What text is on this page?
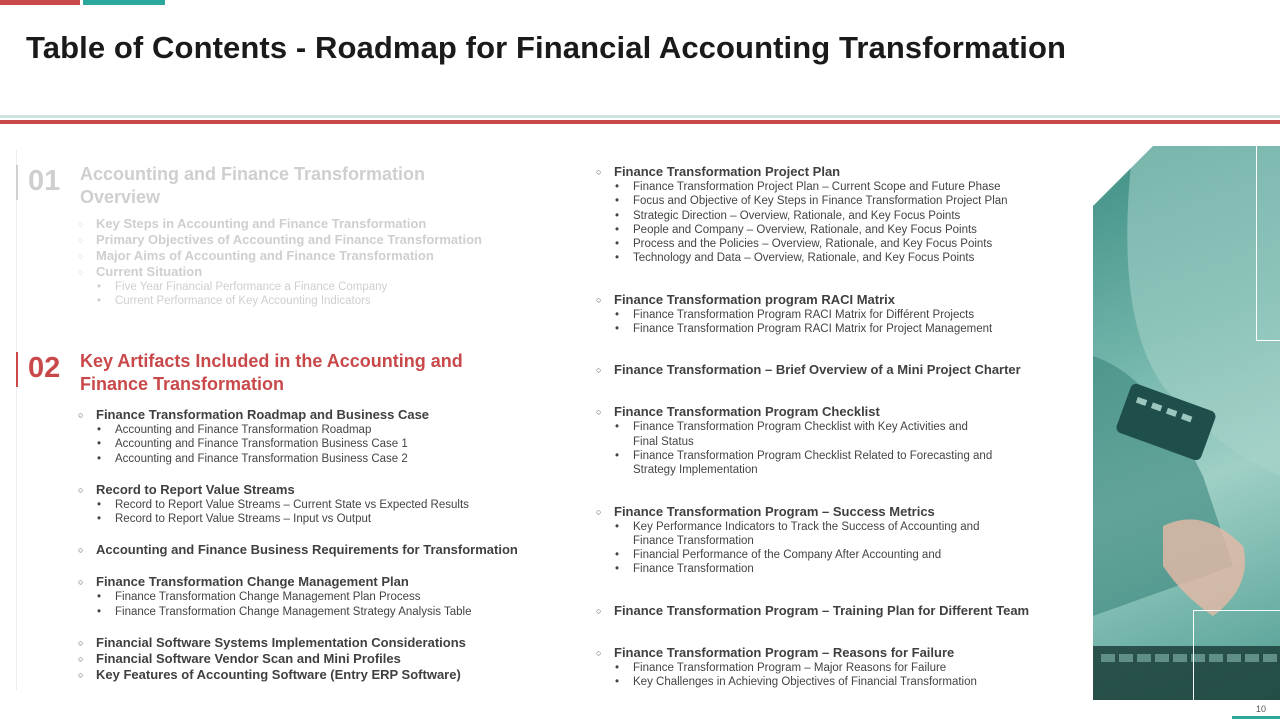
Table of Contents - Roadmap for Financial Accounting Transformation
01	Accounting and Finance Transformation Overview
○ Key Steps in Accounting and Finance Transformation
○ Primary Objectives of Accounting and Finance Transformation
○ Major Aims of Accounting and Finance Transformation
○ Current Situation
• Five Year Financial Performance a Finance Company
• Current Performance of Key Accounting Indicators
02	Key Artifacts Included in the Accounting and Finance Transformation
○ Finance Transformation Roadmap and Business Case
• Accounting and Finance Transformation Roadmap
• Accounting and Finance Transformation Business Case 1
• Accounting and Finance Transformation Business Case 2
○ Record to Report Value Streams
• Record to Report Value Streams – Current State vs Expected Results
• Record to Report Value Streams – Input vs Output
○ Accounting and Finance Business Requirements for Transformation
○ Finance Transformation Change Management Plan
• Finance Transformation Change Management Plan Process
• Finance Transformation Change Management Strategy Analysis Table
○ Financial Software Systems Implementation Considerations
○ Financial Software Vendor Scan and Mini Profiles
○ Key Features of Accounting Software (Entry ERP Software)
○ Finance Transformation Project Plan
• Finance Transformation Project Plan – Current Scope and Future Phase
• Focus and Objective of Key Steps in Finance Transformation Project Plan
• Strategic Direction – Overview, Rationale, and Key Focus Points
• People and Company – Overview, Rationale, and Key Focus Points
• Process and the Policies – Overview, Rationale, and Key Focus Points
• Technology and Data – Overview, Rationale, and Key Focus Points
○ Finance Transformation program RACI Matrix
• Finance Transformation Program RACI Matrix for Différent Projects
• Finance Transformation Program RACI Matrix for Project Management
○ Finance Transformation – Brief Overview of a Mini Project Charter
○ Finance Transformation Program Checklist
• Finance Transformation Program Checklist with Key Activities and Final Status
• Finance Transformation Program Checklist Related to Forecasting and Strategy Implementation
○ Finance Transformation Program – Success Metrics
• Key Performance Indicators to Track the Success of Accounting and Finance Transformation
• Financial Performance of the Company After Accounting and
• Finance Transformation
○ Finance Transformation Program – Training Plan for Different Team
○ Finance Transformation Program – Reasons for Failure
• Finance Transformation Program – Major Reasons for Failure
• Key Challenges in Achieving Objectives of Financial Transformation
10
